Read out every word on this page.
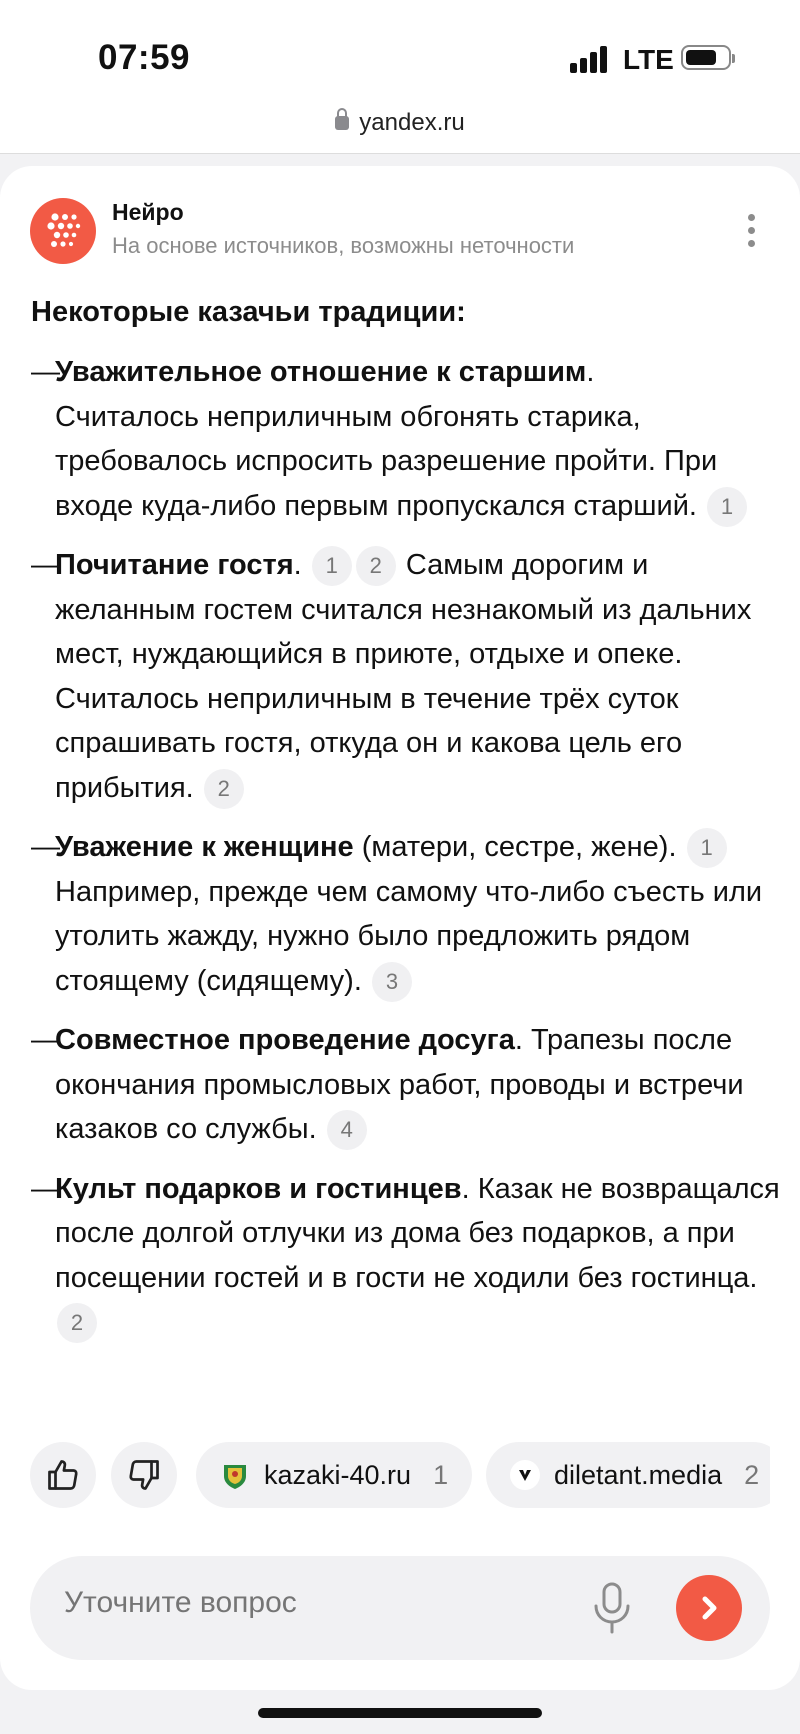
07:59	LTE
yandex.ru
Нейро
На основе источников, возможны неточности
Некоторые казачьи традиции:
—
Уважительное отношение к старшим.
Считалось неприличным обгонять старика, требовалось испросить разрешение пройти. При входе куда-либо первым пропускался старший. 1
—
Почитание гостя. 1 2 Самым дорогим и желанным гостем считался незнакомый из дальних мест, нуждающийся в приюте, отдыхе и опеке. Считалось неприличным в течение трёх суток спрашивать гостя, откуда он и какова цель его прибытия. 2
—
Уважение к женщине (матери, сестре, жене). 1 Например, прежде чем самому что-либо съесть или утолить жажду, нужно было предложить рядом стоящему (сидящему). 3
—
Совместное проведение досуга. Трапезы после окончания промысловых работ, проводы и встречи казаков со службы. 4
—
Культ подарков и гостинцев. Казак не возвращался после долгой отлучки из дома без подарков, а при посещении гостей и в гости не ходили без гостинца. 2
kazaki-40.ru 1	diletant.media 2
Уточните вопрос
